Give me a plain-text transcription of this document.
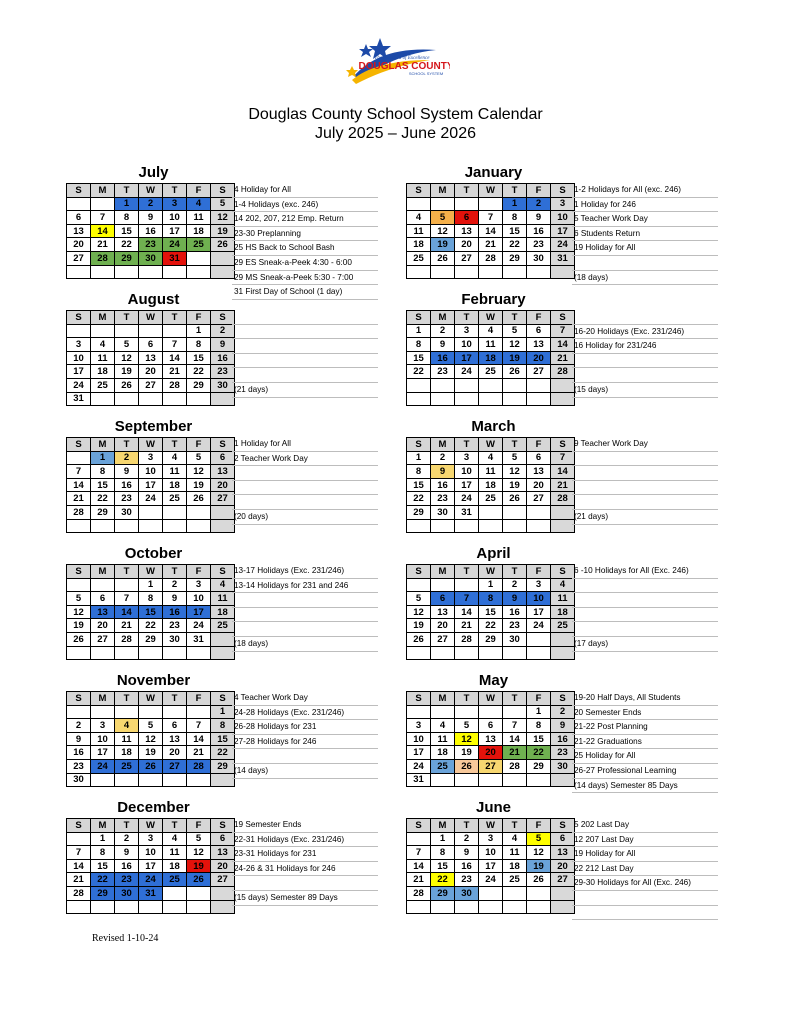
The Standard of Excellence
DOUGLAS COUNTY
SCHOOL SYSTEM
Douglas County School System Calendar
July 2025 – June 2026
July
S	M	T	W	T	F	S
		1	2	3	4	5
6	7	8	9	10	11	12
13	14	15	16	17	18	19
20	21	22	23	24	25	26
27	28	29	30	31		

4 Holiday for All
1-4 Holidays (exc. 246)
14 202, 207, 212 Emp. Return
23-30 Preplanning
25 HS Back to School Bash
29 ES Sneak-a-Peek 4:30 - 6:00
29 MS Sneak-a-Peek 5:30 - 7:00
31 First Day of School (1 day)
August
S	M	T	W	T	F	S
					1	2
3	4	5	6	7	8	9
10	11	12	13	14	15	16
17	18	19	20	21	22	23
24	25	26	27	28	29	30
31						
(21 days)
September
S	M	T	W	T	F	S
	1	2	3	4	5	6
7	8	9	10	11	12	13
14	15	16	17	18	19	20
21	22	23	24	25	26	27
28	29	30				

1 Holiday for All
2 Teacher Work Day
(20 days)
October
S	M	T	W	T	F	S
			1	2	3	4
5	6	7	8	9	10	11
12	13	14	15	16	17	18
19	20	21	22	23	24	25
26	27	28	29	30	31	

13-17 Holidays (Exc. 231/246)
13-14 Holidays for 231 and 246
(18 days)
November
S	M	T	W	T	F	S
						1
2	3	4	5	6	7	8
9	10	11	12	13	14	15
16	17	18	19	20	21	22
23	24	25	26	27	28	29
30						
4 Teacher Work Day
24-28 Holidays (Exc. 231/246)
26-28 Holidays for 231
27-28 Holidays for 246
(14 days)
December
S	M	T	W	T	F	S
	1	2	3	4	5	6
7	8	9	10	11	12	13
14	15	16	17	18	19	20
21	22	23	24	25	26	27
28	29	30	31			

19 Semester Ends
22-31 Holidays (Exc. 231/246)
23-31 Holidays for 231
24-26 & 31 Holidays for 246
(15 days) Semester 89 Days
January
S	M	T	W	T	F	S
				1	2	3
4	5	6	7	8	9	10
11	12	13	14	15	16	17
18	19	20	21	22	23	24
25	26	27	28	29	30	31

1-2 Holidays for All (exc. 246)
1 Holiday for 246
5 Teacher Work Day
6 Students Return
19 Holiday for All
(18 days)
February
S	M	T	W	T	F	S
1	2	3	4	5	6	7
8	9	10	11	12	13	14
15	16	17	18	19	20	21
22	23	24	25	26	27	28

16-20 Holidays (Exc. 231/246)
16 Holiday for 231/246
(15 days)
March
S	M	T	W	T	F	S
1	2	3	4	5	6	7
8	9	10	11	12	13	14
15	16	17	18	19	20	21
22	23	24	25	26	27	28
29	30	31				

9 Teacher Work Day
(21 days)
April
S	M	T	W	T	F	S
			1	2	3	4
5	6	7	8	9	10	11
12	13	14	15	16	17	18
19	20	21	22	23	24	25
26	27	28	29	30		

6 -10 Holidays for All (Exc. 246)
(17 days)
May
S	M	T	W	T	F	S
					1	2
3	4	5	6	7	8	9
10	11	12	13	14	15	16
17	18	19	20	21	22	23
24	25	26	27	28	29	30
31						
19-20 Half Days, All Students
20 Semester Ends
21-22 Post Planning
21-22 Graduations
25 Holiday for All
26-27 Professional Learning
(14 days) Semester 85 Days
June
S	M	T	W	T	F	S
	1	2	3	4	5	6
7	8	9	10	11	12	13
14	15	16	17	18	19	20
21	22	23	24	25	26	27
28	29	30				

5 202 Last Day
12 207 Last Day
19 Holiday for All
22 212 Last Day
29-30 Holidays for All (Exc. 246)
Revised 1-10-24
